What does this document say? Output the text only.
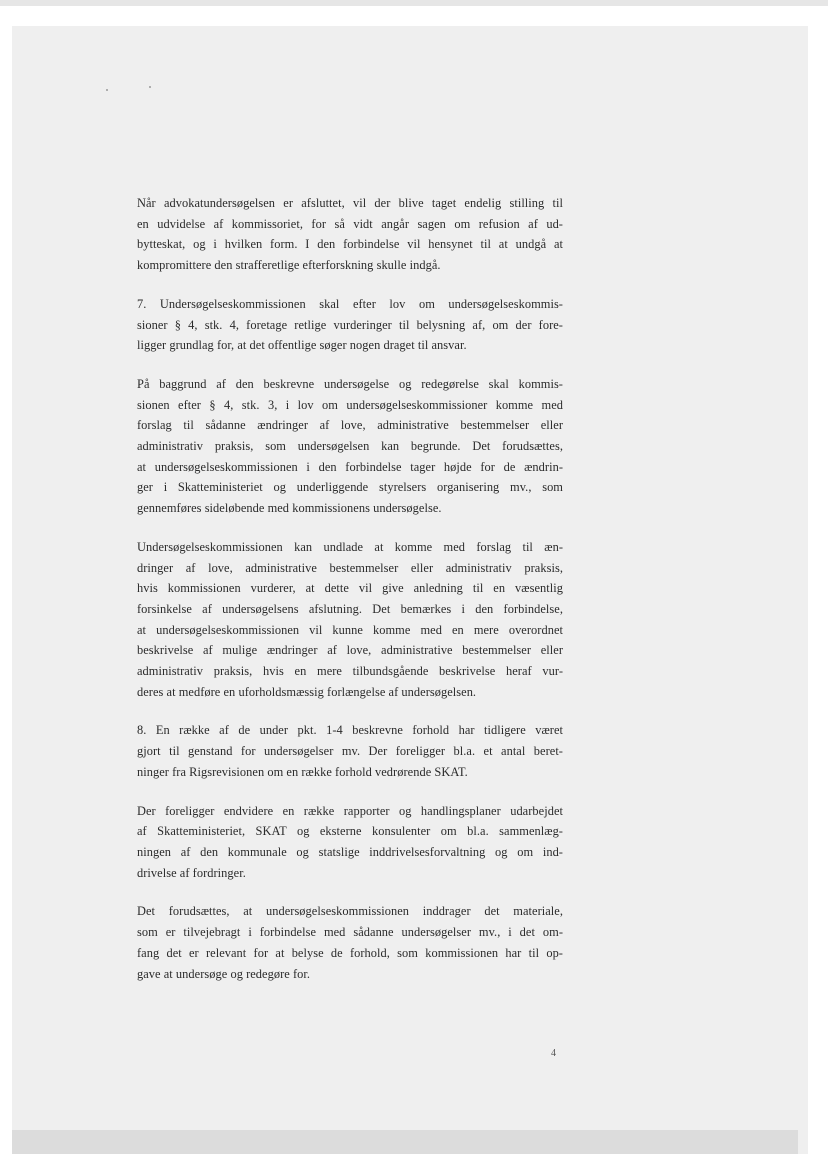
Når advokatundersøgelsen er afsluttet, vil der blive taget endelig stilling til
en udvidelse af kommissoriet, for så vidt angår sagen om refusion af ud-
bytteskat, og i hvilken form. I den forbindelse vil hensynet til at undgå at
kompromittere den strafferetlige efterforskning skulle indgå.

7. Undersøgelseskommissionen skal efter lov om undersøgelseskommis-
sioner § 4, stk. 4, foretage retlige vurderinger til belysning af, om der fore-
ligger grundlag for, at det offentlige søger nogen draget til ansvar.

På baggrund af den beskrevne undersøgelse og redegørelse skal kommis-
sionen efter § 4, stk. 3, i lov om undersøgelseskommissioner komme med
forslag til sådanne ændringer af love, administrative bestemmelser eller
administrativ praksis, som undersøgelsen kan begrunde. Det forudsættes,
at undersøgelseskommissionen i den forbindelse tager højde for de ændrin-
ger i Skatteministeriet og underliggende styrelsers organisering mv., som
gennemføres sideløbende med kommissionens undersøgelse.

Undersøgelseskommissionen kan undlade at komme med forslag til æn-
dringer af love, administrative bestemmelser eller administrativ praksis,
hvis kommissionen vurderer, at dette vil give anledning til en væsentlig
forsinkelse af undersøgelsens afslutning. Det bemærkes i den forbindelse,
at undersøgelseskommissionen vil kunne komme med en mere overordnet
beskrivelse af mulige ændringer af love, administrative bestemmelser eller
administrativ praksis, hvis en mere tilbundsgående beskrivelse heraf vur-
deres at medføre en uforholdsmæssig forlængelse af undersøgelsen.

8. En række af de under pkt. 1-4 beskrevne forhold har tidligere været
gjort til genstand for undersøgelser mv. Der foreligger bl.a. et antal beret-
ninger fra Rigsrevisionen om en række forhold vedrørende SKAT.

Der foreligger endvidere en række rapporter og handlingsplaner udarbejdet
af Skatteministeriet, SKAT og eksterne konsulenter om bl.a. sammenlæg-
ningen af den kommunale og statslige inddrivelsesforvaltning og om ind-
drivelse af fordringer.

Det forudsættes, at undersøgelseskommissionen inddrager det materiale,
som er tilvejebragt i forbindelse med sådanne undersøgelser mv., i det om-
fang det er relevant for at belyse de forhold, som kommissionen har til op-
gave at undersøge og redegøre for.

4
